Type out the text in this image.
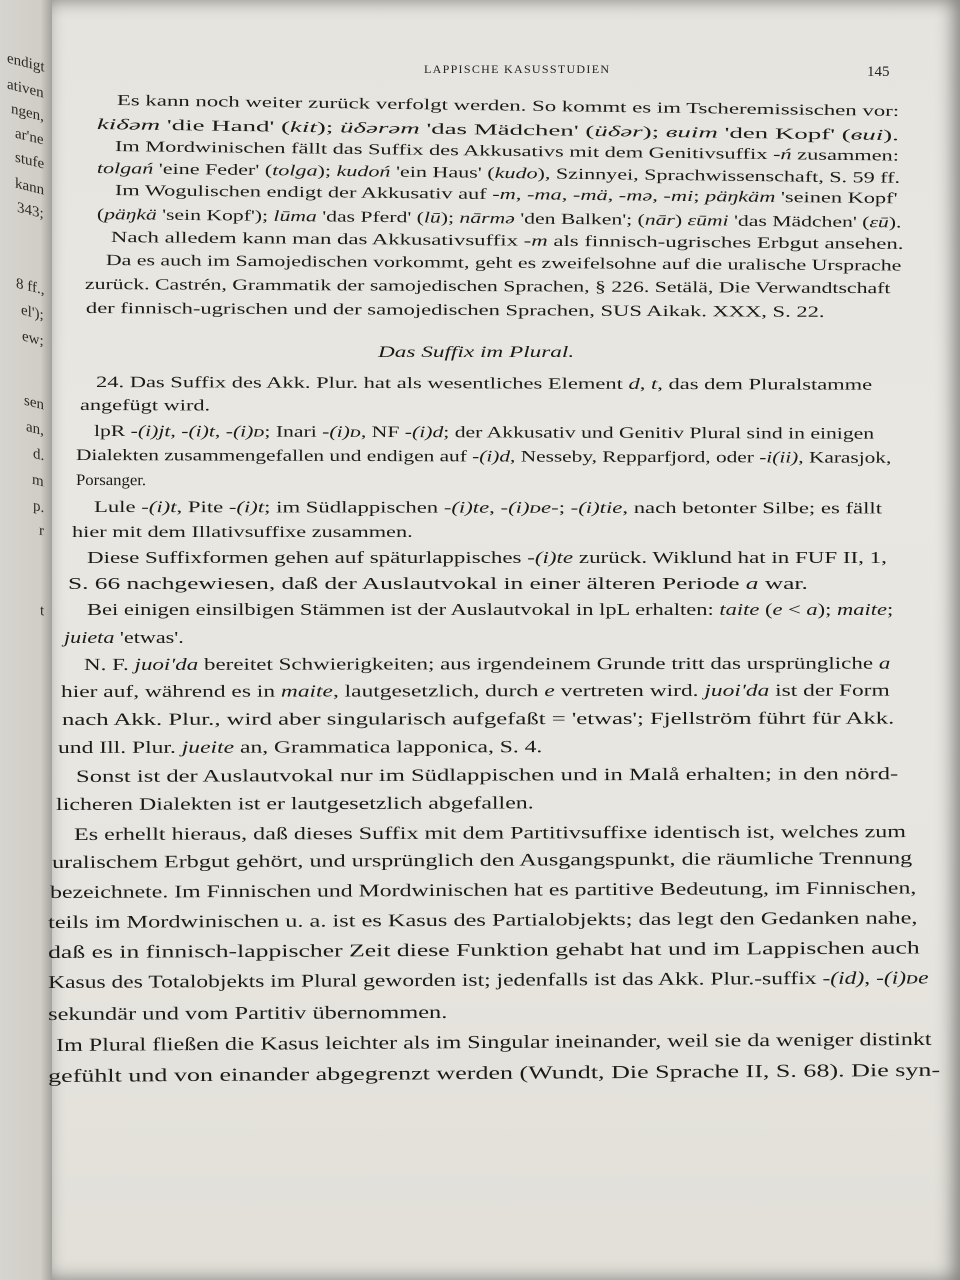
endigt
ativen
ngen,
ar'ne
stufe
kann
343;
8 ff.,
el');
ew;
sen
an,
d.
m
p.
r
t
LAPPISCHE KASUSSTUDIEN	145
Es kann noch weiter zurück verfolgt werden. So kommt es im Tscheremissischen vor:
kiδəm 'die Hand' (kit); üδərəm 'das Mädchen' (üδər); вuim 'den Kopf' (вui).
Im Mordwinischen fällt das Suffix des Akkusativs mit dem Genitivsuffix -ń zusammen:
tolgań 'eine Feder' (tolga); kudoń 'ein Haus' (kudo), Szinnyei, Sprachwissenschaft, S. 59 ff.
Im Wogulischen endigt der Akkusativ auf -m, -ma, -mä, -mə, -mi; päŋkäm 'seinen Kopf'
(päŋkä 'sein Kopf'); lūma 'das Pferd' (lū); nārmə 'den Balken'; (nār) εūmi 'das Mädchen' (εū).
Nach alledem kann man das Akkusativsuffix -m als finnisch-ugrisches Erbgut ansehen.
Da es auch im Samojedischen vorkommt, geht es zweifelsohne auf die uralische Ursprache
zurück. Castrén, Grammatik der samojedischen Sprachen, § 226. Setälä, Die Verwandtschaft
der finnisch-ugrischen und der samojedischen Sprachen, SUS Aikak. XXX, S. 22.
24. Das Suffix des Akk. Plur. hat als wesentliches Element d, t, das dem Pluralstamme
angefügt wird.
lpR -(i)jt, -(i)t, -(i)ᴅ; Inari -(i)ᴅ, NF -(i)d; der Akkusativ und Genitiv Plural sind in einigen
Dialekten zusammengefallen und endigen auf -(i)d, Nesseby, Repparfjord, oder -i(ii), Karasjok,
Porsanger.
Lule -(i)t, Pite -(i)t; im Südlappischen -(i)te, -(i)ᴅe-; -(i)tie, nach betonter Silbe; es fällt
hier mit dem Illativsuffixe zusammen.
Diese Suffixformen gehen auf späturlappisches -(i)te zurück. Wiklund hat in FUF II, 1,
S. 66 nachgewiesen, daß der Auslautvokal in einer älteren Periode a war.
Bei einigen einsilbigen Stämmen ist der Auslautvokal in lpL erhalten: taite (e < a); maite;
juieta 'etwas'.
N. F. juoi'da bereitet Schwierigkeiten; aus irgendeinem Grunde tritt das ursprüngliche a
hier auf, während es in maite, lautgesetzlich, durch e vertreten wird. juoi'da ist der Form
nach Akk. Plur., wird aber singularisch aufgefaßt = 'etwas'; Fjellström führt für Akk.
und Ill. Plur. jueite an, Grammatica lapponica, S. 4.
Sonst ist der Auslautvokal nur im Südlappischen und in Malå erhalten; in den nörd-
licheren Dialekten ist er lautgesetzlich abgefallen.
Es erhellt hieraus, daß dieses Suffix mit dem Partitivsuffixe identisch ist, welches zum
uralischem Erbgut gehört, und ursprünglich den Ausgangspunkt, die räumliche Trennung
bezeichnete. Im Finnischen und Mordwinischen hat es partitive Bedeutung, im Finnischen,
teils im Mordwinischen u. a. ist es Kasus des Partialobjekts; das legt den Gedanken nahe,
daß es in finnisch-lappischer Zeit diese Funktion gehabt hat und im Lappischen auch
Kasus des Totalobjekts im Plural geworden ist; jedenfalls ist das Akk. Plur.-suffix -(id), -(i)ᴅe
sekundär und vom Partitiv übernommen.
Im Plural fließen die Kasus leichter als im Singular ineinander, weil sie da weniger distinkt
gefühlt und von einander abgegrenzt werden (Wundt, Die Sprache II, S. 68). Die syn-
Das Suffix im Plural.
